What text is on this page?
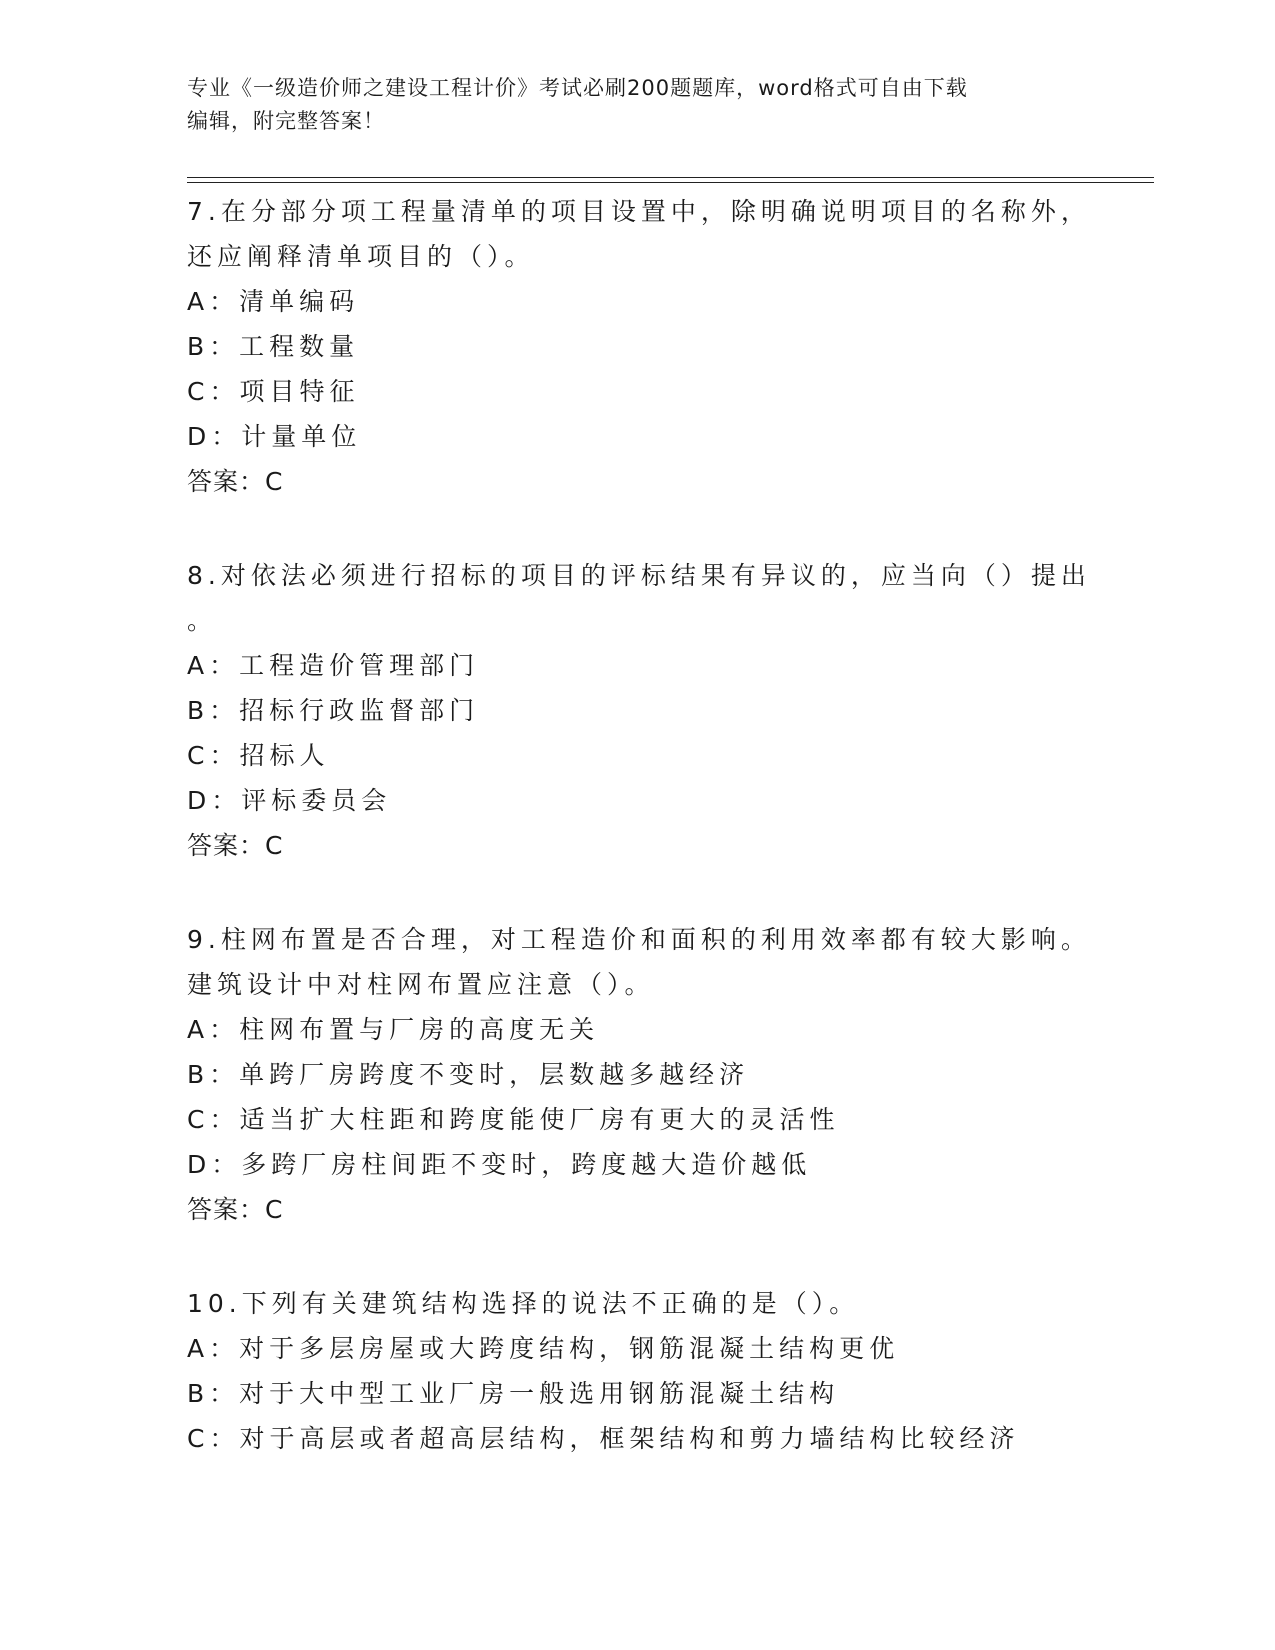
专业《一级造价师之建设工程计价》考试必刷200题题库，word格式可自由下载
编辑，附完整答案！
7.在分部分项工程量清单的项目设置中，除明确说明项目的名称外，
还应阐释清单项目的（）。
A：清单编码
B：工程数量
C：项目特征
D：计量单位
答案：C
8.对依法必须进行招标的项目的评标结果有异议的，应当向（）提出
。
A：工程造价管理部门
B：招标行政监督部门
C：招标人
D：评标委员会
答案：C
9.柱网布置是否合理，对工程造价和面积的利用效率都有较大影响。
建筑设计中对柱网布置应注意（）。
A：柱网布置与厂房的高度无关
B：单跨厂房跨度不变时，层数越多越经济
C：适当扩大柱距和跨度能使厂房有更大的灵活性
D：多跨厂房柱间距不变时，跨度越大造价越低
答案：C
10.下列有关建筑结构选择的说法不正确的是（）。
A：对于多层房屋或大跨度结构，钢筋混凝土结构更优
B：对于大中型工业厂房一般选用钢筋混凝土结构
C：对于高层或者超高层结构，框架结构和剪力墙结构比较经济
